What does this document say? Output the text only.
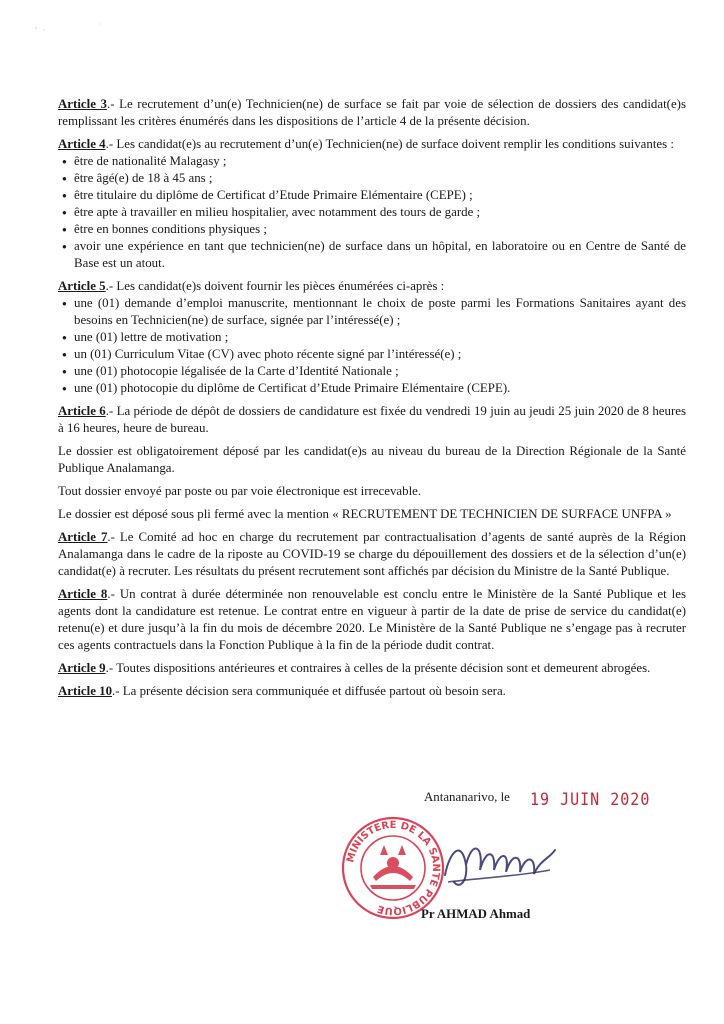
Article 3.- Le recrutement d’un(e) Technicien(ne) de surface se fait par voie de sélection de dossiers des candidat(e)s remplissant les critères énumérés dans les dispositions de l’article 4 de la présente décision.

Article 4.- Les candidat(e)s au recrutement d’un(e) Technicien(ne) de surface doivent remplir les conditions suivantes :

● être de nationalité Malagasy ;
● être âgé(e) de 18 à 45 ans ;
● être titulaire du diplôme de Certificat d’Etude Primaire Elémentaire (CEPE) ;
● être apte à travailler en milieu hospitalier, avec notamment des tours de garde ;
● être en bonnes conditions physiques ;
● avoir une expérience en tant que technicien(ne) de surface dans un hôpital, en laboratoire ou en Centre de Santé de Base est un atout.

Article 5.- Les candidat(e)s doivent fournir les pièces énumérées ci-après :

● une (01) demande d’emploi manuscrite, mentionnant le choix de poste parmi les Formations Sanitaires ayant des besoins en Technicien(ne) de surface, signée par l’intéressé(e) ;
● une (01) lettre de motivation ;
● un (01) Curriculum Vitae (CV) avec photo récente signé par l’intéressé(e) ;
● une (01) photocopie légalisée de la Carte d’Identité Nationale ;
● une (01) photocopie du diplôme de Certificat d’Etude Primaire Elémentaire (CEPE).

Article 6.- La période de dépôt de dossiers de candidature est fixée du vendredi 19 juin au jeudi 25 juin 2020 de 8 heures à 16 heures, heure de bureau.

Le dossier est obligatoirement déposé par les candidat(e)s au niveau du bureau de la Direction Régionale de la Santé Publique Analamanga.

Tout dossier envoyé par poste ou par voie électronique est irrecevable.

Le dossier est déposé sous pli fermé avec la mention « RECRUTEMENT DE TECHNICIEN DE SURFACE UNFPA »

Article 7.- Le Comité ad hoc en charge du recrutement par contractualisation d’agents de santé auprès de la Région Analamanga dans le cadre de la riposte au COVID-19 se charge du dépouillement des dossiers et de la sélection d’un(e) candidat(e) à recruter. Les résultats du présent recrutement sont affichés par décision du Ministre de la Santé Publique.

Article 8.- Un contrat à durée déterminée non renouvelable est conclu entre le Ministère de la Santé Publique et les agents dont la candidature est retenue. Le contrat entre en vigueur à partir de la date de prise de service du candidat(e) retenu(e) et dure jusqu’à la fin du mois de décembre 2020. Le Ministère de la Santé Publique ne s’engage pas à recruter ces agents contractuels dans la Fonction Publique à la fin de la période dudit contrat.

Article 9.- Toutes dispositions antérieures et contraires à celles de la présente décision sont et demeurent abrogées.

Article 10.- La présente décision sera communiquée et diffusée partout où besoin sera.

Antananarivo, le 19 JUIN 2020
MINISTERE DE LA SANTE PUBLIQUE	Pr AHMAD Ahmad
